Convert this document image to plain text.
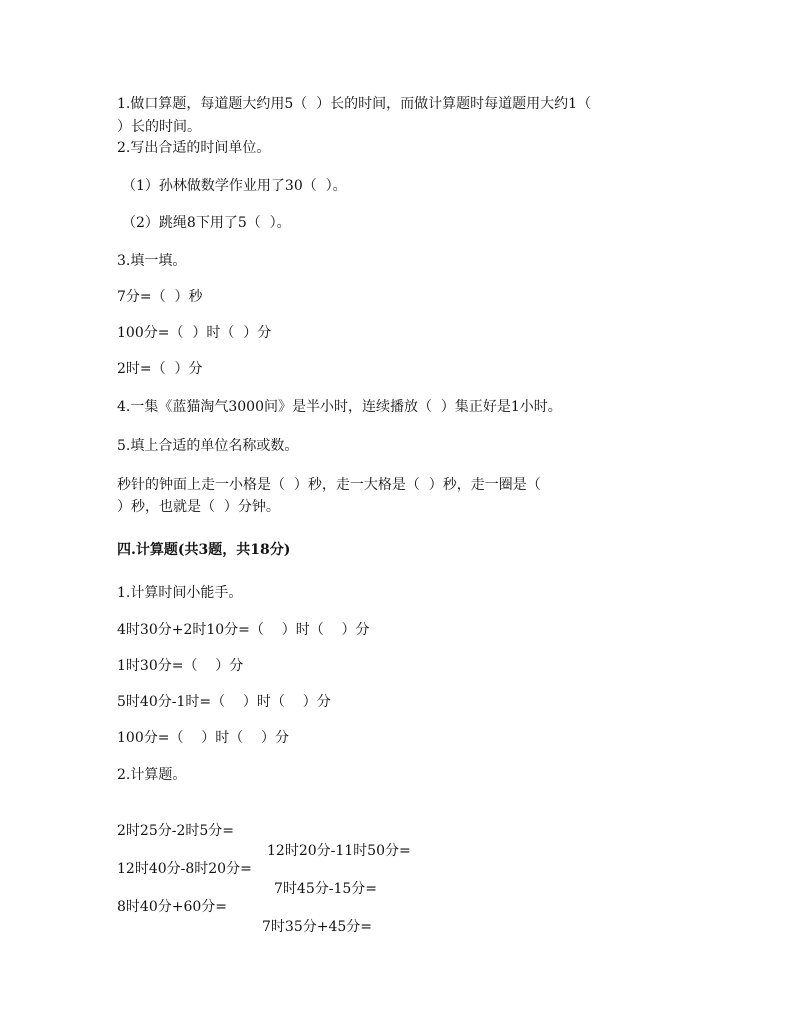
1.做口算题，每道题大约用5（  ）长的时间，而做计算题时每道题用大约1（
）长的时间。
2.写出合适的时间单位。
（1）孙林做数学作业用了30（  ）。
（2）跳绳8下用了5（  ）。
3.填一填。
7分=（  ）秒
100分=（  ）时（  ）分
2时=（  ）分
4.一集《蓝猫淘气3000问》是半小时，连续播放（  ）集正好是1小时。
5.填上合适的单位名称或数。
秒针的钟面上走一小格是（  ）秒，走一大格是（  ）秒，走一圈是（
）秒，也就是（  ）分钟。
四.计算题(共3题，共18分)
1.计算时间小能手。
4时30分+2时10分=（    ）时（    ）分
1时30分=（    ）分
5时40分-1时=（    ）时（    ）分
100分=（    ）时（    ）分
2.计算题。

2时25分-2时5分=

12时20分-11时50分=

12时40分-8时20分=

7时45分-15分=

8时40分+60分=

7时35分+45分=
